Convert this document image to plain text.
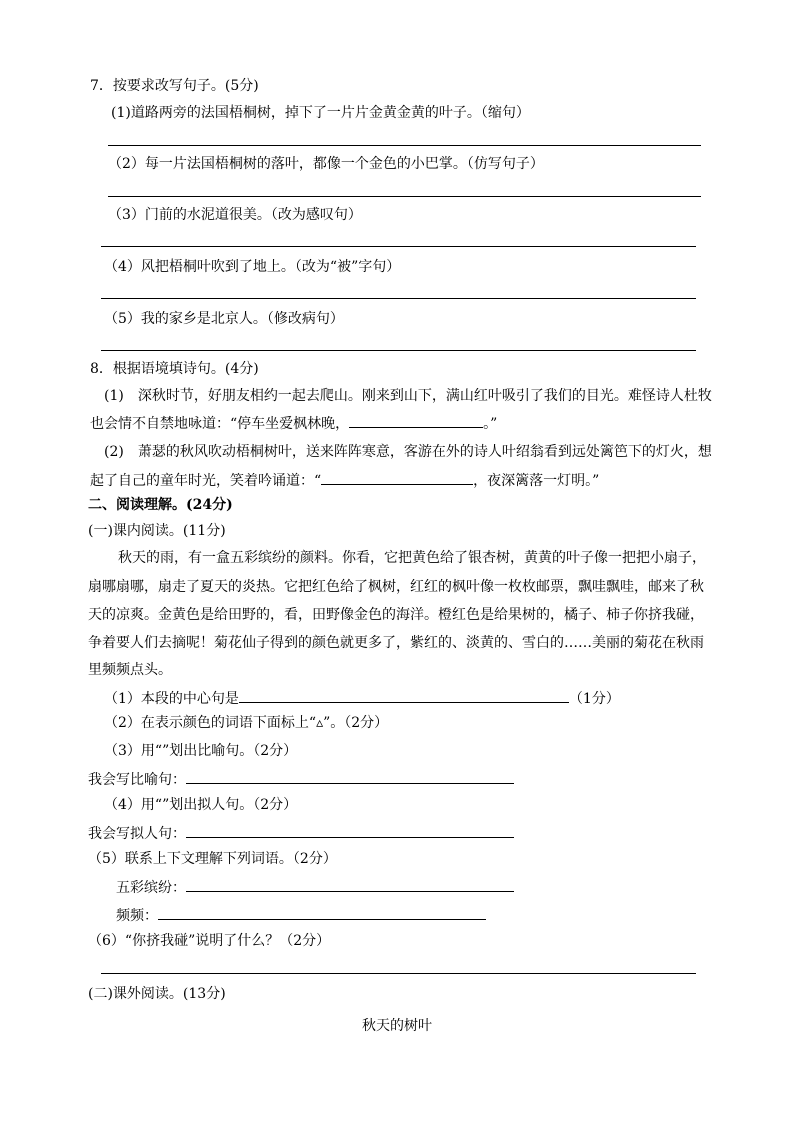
7．按要求改写句子。(5分)
(1)道路两旁的法国梧桐树，掉下了一片片金黄金黄的叶子。（缩句）
（2）每一片法国梧桐树的落叶，都像一个金色的小巴掌。（仿写句子）
（3）门前的水泥道很美。（改为感叹句）
（4）风把梧桐叶吹到了地上。（改为“被”字句）
（5）我的家乡是北京人。（修改病句）
8．根据语境填诗句。(4分)
(1)　深秋时节，好朋友相约一起去爬山。刚来到山下，满山红叶吸引了我们的目光。难怪诗人杜牧
也会情不自禁地咏道：“停车坐爱枫林晚，	。”
(2)　萧瑟的秋风吹动梧桐树叶，送来阵阵寒意，客游在外的诗人叶绍翁看到远处篱笆下的灯火，想
起了自己的童年时光，笑着吟诵道：“	，夜深篱落一灯明。”
二、阅读理解。(24分)
(一)课内阅读。(11分)
秋天的雨，有一盒五彩缤纷的颜料。你看，它把黄色给了银杏树，黄黄的叶子像一把把小扇子，
扇哪扇哪，扇走了夏天的炎热。它把红色给了枫树，红红的枫叶像一枚枚邮票，飘哇飘哇，邮来了秋
天的凉爽。金黄色是给田野的，看，田野像金色的海洋。橙红色是给果树的，橘子、柿子你挤我碰，
争着要人们去摘呢！菊花仙子得到的颜色就更多了，紫红的、淡黄的、雪白的……美丽的菊花在秋雨
里频频点头。
（1）本段的中心句是	（1分）
（2）在表示颜色的词语下面标上“▵”。（2分）
（3）用“”划出比喻句。（2分）
我会写比喻句：
（4）用“”划出拟人句。（2分）
我会写拟人句：
（5）联系上下文理解下列词语。（2分）
五彩缤纷：
频频：
（6）“你挤我碰”说明了什么？（2分）
(二)课外阅读。(13分)
秋天的树叶
